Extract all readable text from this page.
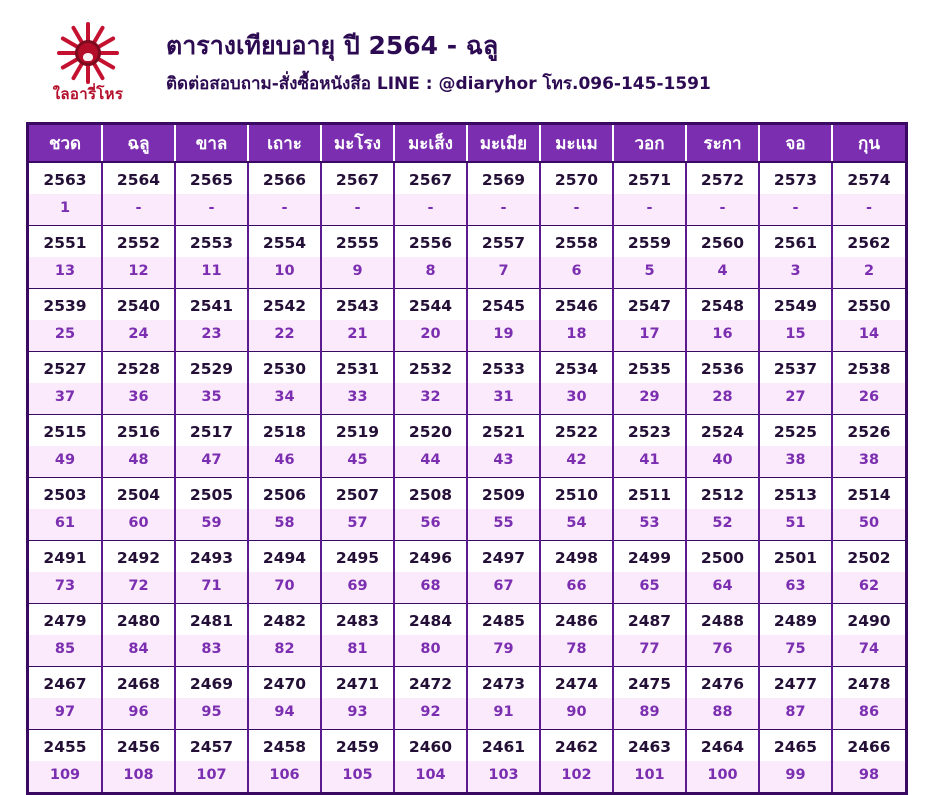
ใลอารี่โหร
ตารางเทียบอายุ ปี 2564 - ฉลู
ติดต่อสอบถาม-สั่งซื้อหนังสือ LINE : @diaryhor โทร.096-145-1591
ชวด	ฉลู	ขาล	เถาะ	มะโรง	มะเส็ง	มะเมีย	มะแม	วอก	ระกา	จอ	กุน
2563	2564	2565	2566	2567	2567	2569	2570	2571	2572	2573	2574
1	-	-	-	-	-	-	-	-	-	-	-
2551	2552	2553	2554	2555	2556	2557	2558	2559	2560	2561	2562
13	12	11	10	9	8	7	6	5	4	3	2
2539	2540	2541	2542	2543	2544	2545	2546	2547	2548	2549	2550
25	24	23	22	21	20	19	18	17	16	15	14
2527	2528	2529	2530	2531	2532	2533	2534	2535	2536	2537	2538
37	36	35	34	33	32	31	30	29	28	27	26
2515	2516	2517	2518	2519	2520	2521	2522	2523	2524	2525	2526
49	48	47	46	45	44	43	42	41	40	38	38
2503	2504	2505	2506	2507	2508	2509	2510	2511	2512	2513	2514
61	60	59	58	57	56	55	54	53	52	51	50
2491	2492	2493	2494	2495	2496	2497	2498	2499	2500	2501	2502
73	72	71	70	69	68	67	66	65	64	63	62
2479	2480	2481	2482	2483	2484	2485	2486	2487	2488	2489	2490
85	84	83	82	81	80	79	78	77	76	75	74
2467	2468	2469	2470	2471	2472	2473	2474	2475	2476	2477	2478
97	96	95	94	93	92	91	90	89	88	87	86
2455	2456	2457	2458	2459	2460	2461	2462	2463	2464	2465	2466
109	108	107	106	105	104	103	102	101	100	99	98
